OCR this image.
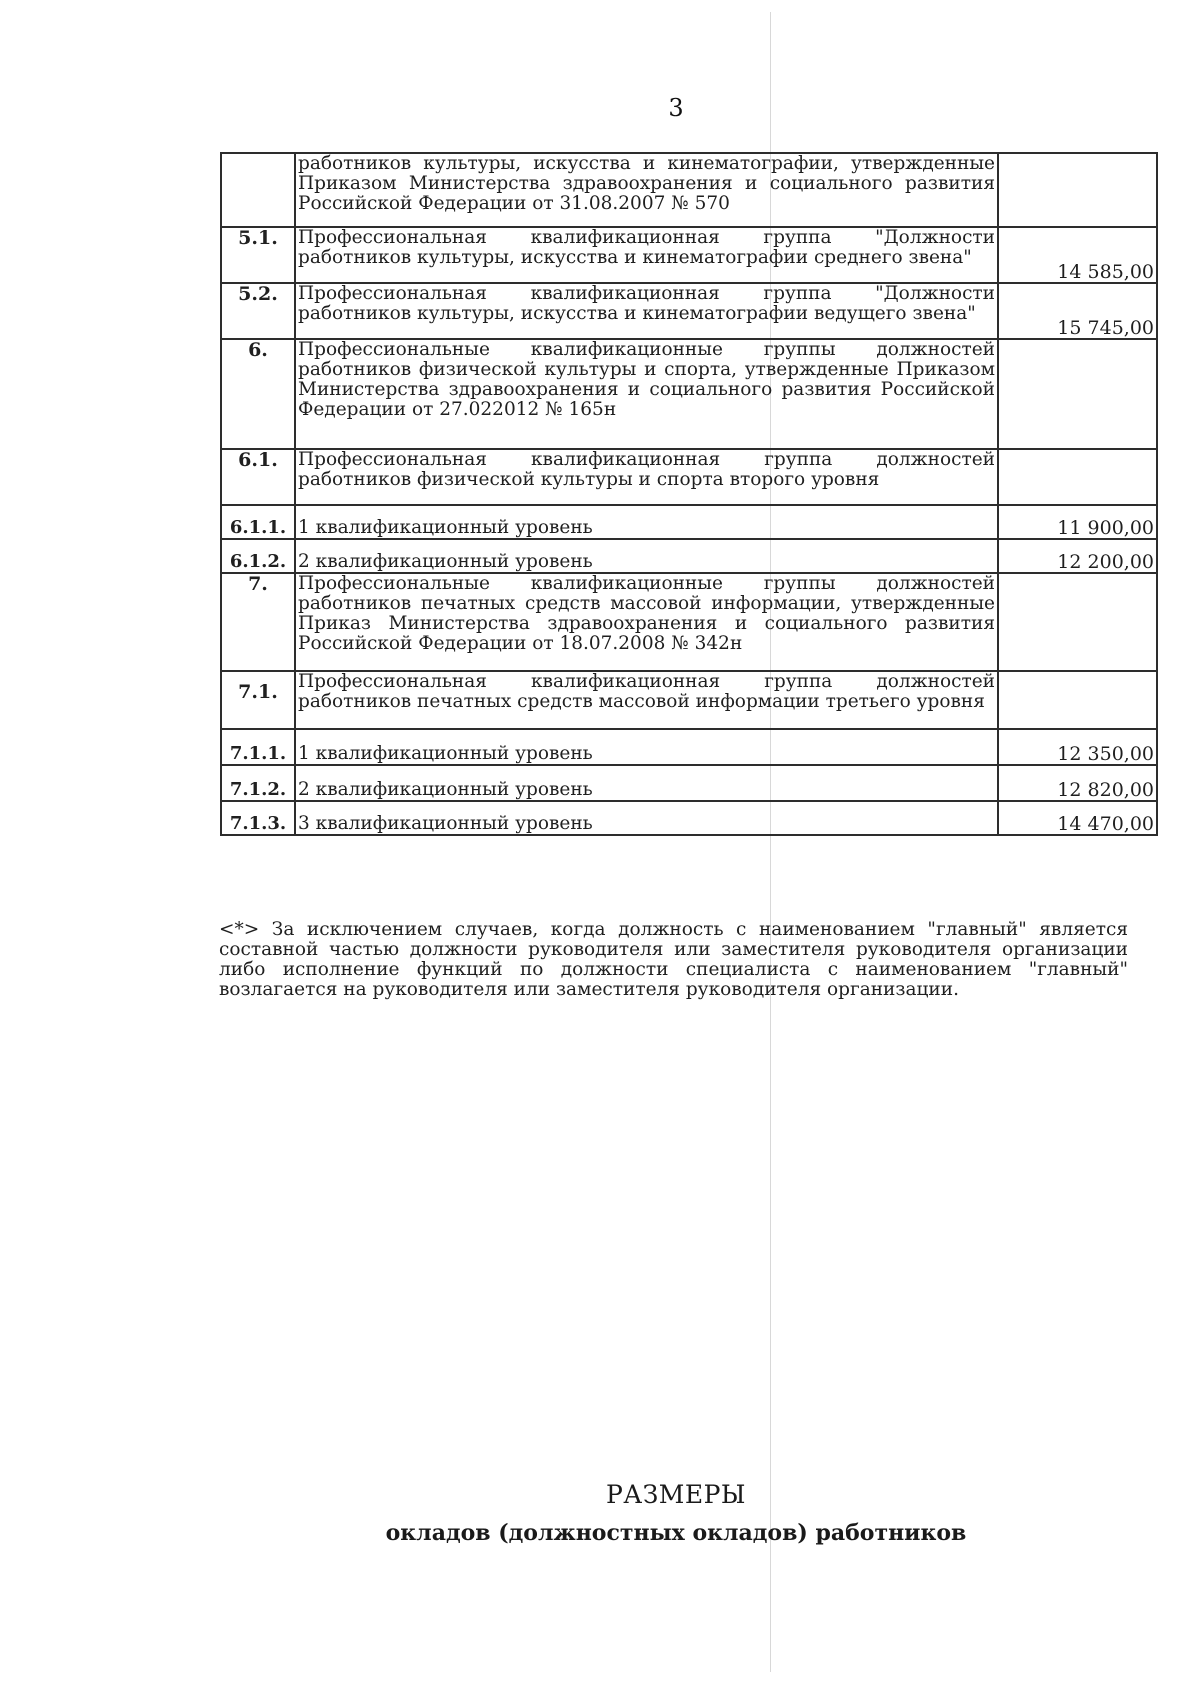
3

	работников культуры, искусства и кинематографии, утвержденные Приказом Министерства здравоохранения и социального развития Российской Федерации от 31.08.2007 № 570	

5.1.	Профессиональная квалификационная группа "Должности работников культуры, искусства и кинематографии среднего звена"	14 585,00
5.2.	Профессиональная квалификационная группа "Должности работников культуры, искусства и кинематографии ведущего звена"	15 745,00
6.	Профессиональные квалификационные группы должностей работников физической культуры и спорта, утвержденные Приказом Министерства здравоохранения и социального развития Российской Федерации от 27.022012 № 165н	

6.1.	Профессиональная квалификационная группа должностей работников физической культуры и спорта второго уровня	

6.1.1.	1 квалификационный уровень	11 900,00
6.1.2.	2 квалификационный уровень	12 200,00
7.	Профессиональные квалификационные группы должностей работников печатных средств массовой информации, утвержденные Приказ Министерства здравоохранения и социального развития Российской Федерации от 18.07.2008 № 342н	

7.1.	Профессиональная квалификационная группа должностей работников печатных средств массовой информации третьего уровня	

7.1.1.	1 квалификационный уровень	12 350,00
7.1.2.	2 квалификационный уровень	12 820,00
7.1.3.	3 квалификационный уровень	14 470,00
<*> За исключением случаев, когда должность с наименованием "главный" является составной частью должности руководителя или заместителя руководителя организации либо исполнение функций по должности специалиста с наименованием "главный" возлагается на руководителя или заместителя руководителя организации.
РАЗМЕРЫ
окладов (должностных окладов) работников
